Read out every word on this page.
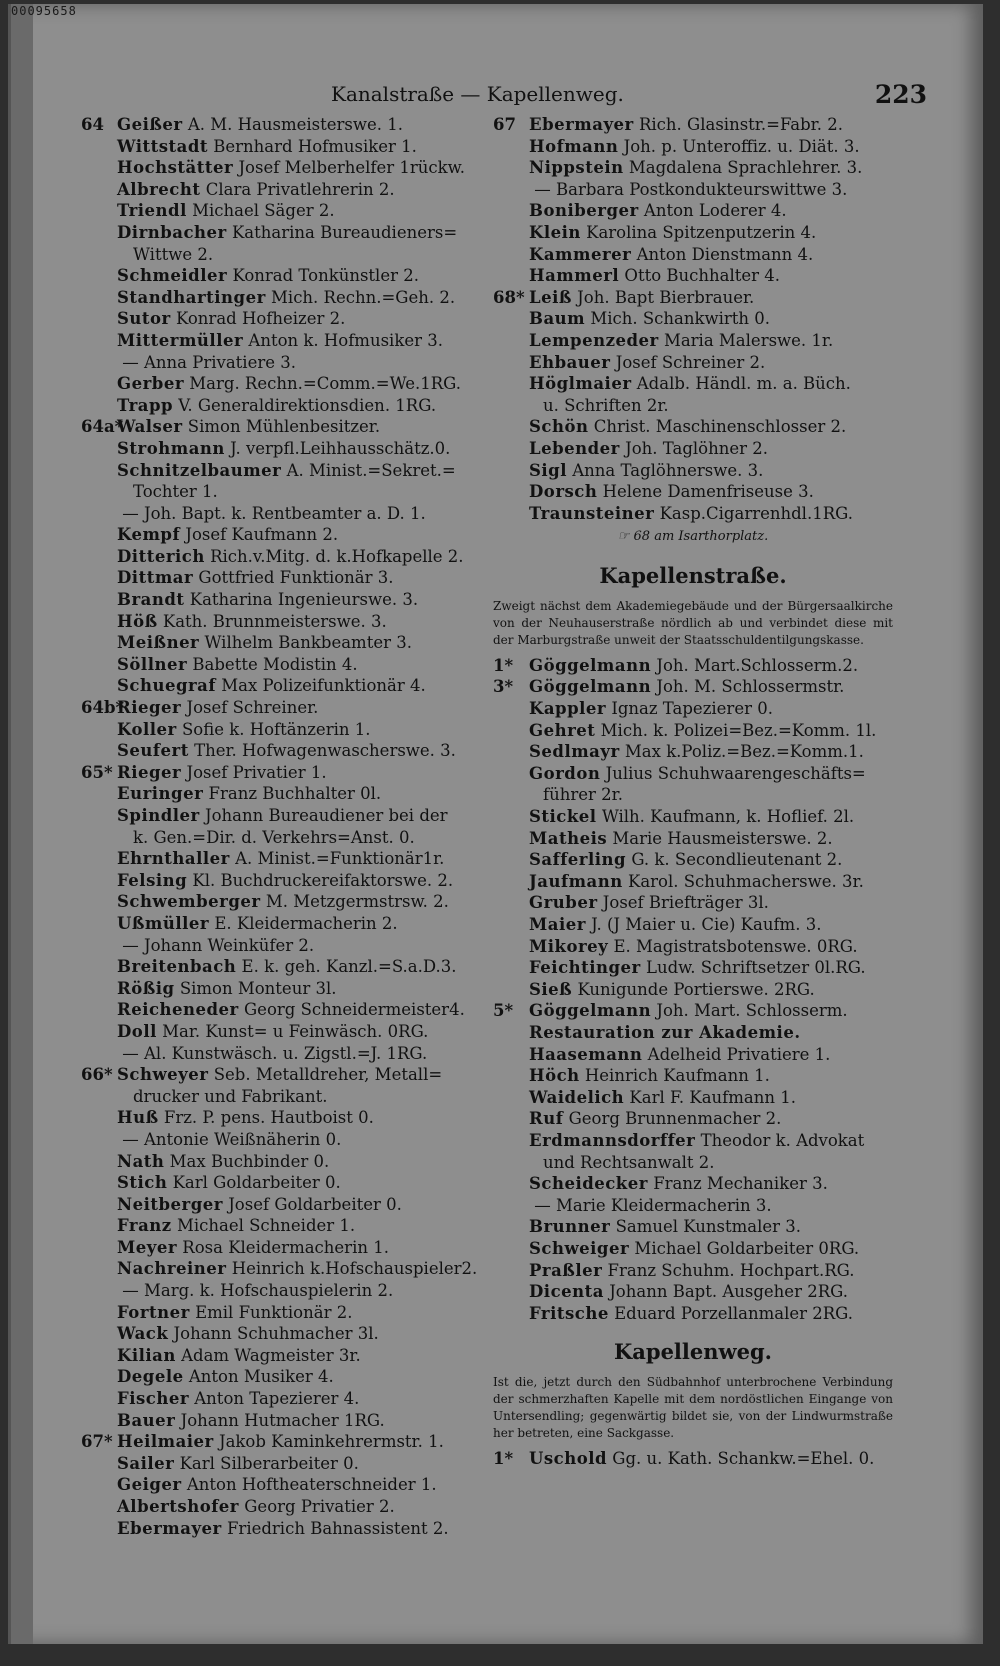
00095658
Kanalstraße — Kapellenweg.	223
64 Geißer A. M. Hausmeisterswe. 1.
Wittstadt Bernhard Hofmusiker 1.
Hochstätter Josef Melberhelfer 1rückw.
Albrecht Clara Privatlehrerin 2.
Triendl Michael Säger 2.
Dirnbacher Katharina Bureaudieners=
Wittwe 2.
Schmeidler Konrad Tonkünstler 2.
Standhartinger Mich. Rechn.=Geh. 2.
Sutor Konrad Hofheizer 2.
Mittermüller Anton k. Hofmusiker 3.
— Anna Privatiere 3.
Gerber Marg. Rechn.=Comm.=We.1RG.
Trapp V. Generaldirektionsdien. 1RG.
64a*Walser Simon Mühlenbesitzer.
Strohmann J. verpfl.Leihhausschätz.0.
Schnitzelbaumer A. Minist.=Sekret.=
Tochter 1.
— Joh. Bapt. k. Rentbeamter a. D. 1.
Kempf Josef Kaufmann 2.
Ditterich Rich.v.Mitg. d. k.Hofkapelle 2.
Dittmar Gottfried Funktionär 3.
Brandt Katharina Ingenieurswe. 3.
Höß Kath. Brunnmeisterswe. 3.
Meißner Wilhelm Bankbeamter 3.
Söllner Babette Modistin 4.
Schuegraf Max Polizeifunktionär 4.
64b*Rieger Josef Schreiner.
Koller Sofie k. Hoftänzerin 1.
Seufert Ther. Hofwagenwascherswe. 3.
65* Rieger Josef Privatier 1.
Euringer Franz Buchhalter 0l.
Spindler Johann Bureaudiener bei der
k. Gen.=Dir. d. Verkehrs=Anst. 0.
Ehrnthaller A. Minist.=Funktionär1r.
Felsing Kl. Buchdruckereifaktorswe. 2.
Schwemberger M. Metzgermstrsw. 2.
Ußmüller E. Kleidermacherin 2.
— Johann Weinküfer 2.
Breitenbach E. k. geh. Kanzl.=S.a.D.3.
Rößig Simon Monteur 3l.
Reicheneder Georg Schneidermeister4.
Doll Mar. Kunst= u Feinwäsch. 0RG.
— Al. Kunstwäsch. u. Zigstl.=J. 1RG.
66* Schweyer Seb. Metalldreher, Metall=
drucker und Fabrikant.
Huß Frz. P. pens. Hautboist 0.
— Antonie Weißnäherin 0.
Nath Max Buchbinder 0.
Stich Karl Goldarbeiter 0.
Neitberger Josef Goldarbeiter 0.
Franz Michael Schneider 1.
Meyer Rosa Kleidermacherin 1.
Nachreiner Heinrich k.Hofschauspieler2.
— Marg. k. Hofschauspielerin 2.
Fortner Emil Funktionär 2.
Wack Johann Schuhmacher 3l.
Kilian Adam Wagmeister 3r.
Degele Anton Musiker 4.
Fischer Anton Tapezierer 4.
Bauer Johann Hutmacher 1RG.
67* Heilmaier Jakob Kaminkehrermstr. 1.
Sailer Karl Silberarbeiter 0.
Geiger Anton Hoftheaterschneider 1.
Albertshofer Georg Privatier 2.
Ebermayer Friedrich Bahnassistent 2.
67 Ebermayer Rich. Glasinstr.=Fabr. 2.
Hofmann Joh. p. Unteroffiz. u. Diät. 3.
Nippstein Magdalena Sprachlehrer. 3.
— Barbara Postkondukteurswittwe 3.
Boniberger Anton Loderer 4.
Klein Karolina Spitzenputzerin 4.
Kammerer Anton Dienstmann 4.
Hammerl Otto Buchhalter 4.
68* Leiß Joh. Bapt Bierbrauer.
Baum Mich. Schankwirth 0.
Lempenzeder Maria Malerswe. 1r.
Ehbauer Josef Schreiner 2.
Höglmaier Adalb. Händl. m. a. Büch.
u. Schriften 2r.
Schön Christ. Maschinenschlosser 2.
Lebender Joh. Taglöhner 2.
Sigl Anna Taglöhnerswe. 3.
Dorsch Helene Damenfriseuse 3.
Traunsteiner Kasp.Cigarrenhdl.1RG.
☞ 68 am Isarthorplatz.
Kapellenstraße.

Zweigt nächst dem Akademiegebäude und der Bürgersaalkirche von der Neuhauserstraße nördlich ab und verbindet diese mit der Marburgstraße unweit der Staatsschuldentilgungskasse.

1* Göggelmann Joh. Mart.Schlosserm.2.
3* Göggelmann Joh. M. Schlossermstr.
Kappler Ignaz Tapezierer 0.
Gehret Mich. k. Polizei=Bez.=Komm. 1l.
Sedlmayr Max k.Poliz.=Bez.=Komm.1.
Gordon Julius Schuhwaarengeschäfts=
führer 2r.
Stickel Wilh. Kaufmann, k. Hoflief. 2l.
Matheis Marie Hausmeisterswe. 2.
Safferling G. k. Secondlieutenant 2.
Jaufmann Karol. Schuhmacherswe. 3r.
Gruber Josef Briefträger 3l.
Maier J. (J Maier u. Cie) Kaufm. 3.
Mikorey E. Magistratsbotenswe. 0RG.
Feichtinger Ludw. Schriftsetzer 0l.RG.
Sieß Kunigunde Portierswe. 2RG.
5* Göggelmann Joh. Mart. Schlosserm.
Restauration zur Akademie.
Haasemann Adelheid Privatiere 1.
Höch Heinrich Kaufmann 1.
Waidelich Karl F. Kaufmann 1.
Ruf Georg Brunnenmacher 2.
Erdmannsdorffer Theodor k. Advokat
und Rechtsanwalt 2.
Scheidecker Franz Mechaniker 3.
— Marie Kleidermacherin 3.
Brunner Samuel Kunstmaler 3.
Schweiger Michael Goldarbeiter 0RG.
Praßler Franz Schuhm. Hochpart.RG.
Dicenta Johann Bapt. Ausgeher 2RG.
Fritsche Eduard Porzellanmaler 2RG.
Kapellenweg.

Ist die, jetzt durch den Südbahnhof unterbrochene Verbindung der schmerzhaften Kapelle mit dem nordöstlichen Eingange von Untersendling; gegenwärtig bildet sie, von der Lindwurmstraße her betreten, eine Sackgasse.

1* Uschold Gg. u. Kath. Schankw.=Ehel. 0.
